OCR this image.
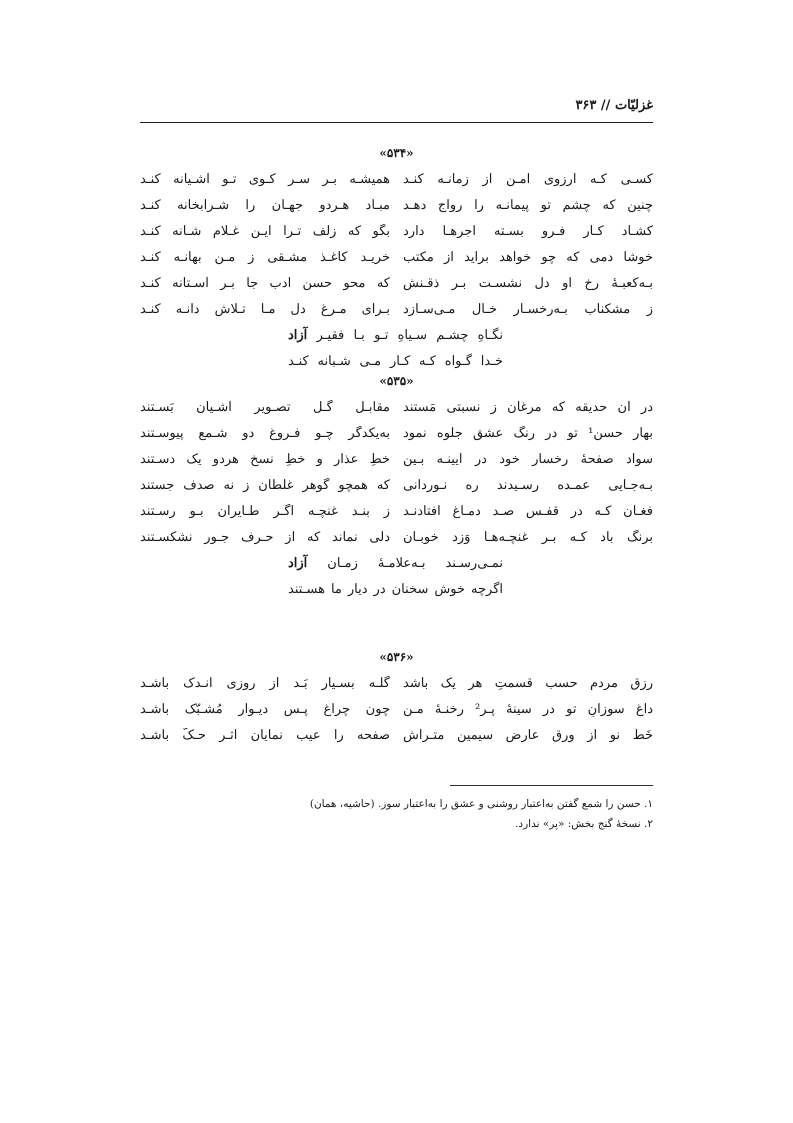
غزلیّات // ۳۶۳
«۵۳۴»
کسـی کـه آرزوی امـن از زمانـه کنـد
همیشـه بـر سـر کـوی تـو آشـیانه کنـد
چنین که چشم تو پیمانـه را رواج دهـد
مبـاد هـردو جهـان را شـرابخانه کنـد
کشـاد کـار فـرو بسـته اجرهـا دارد
بگو که زلف تـرا ایـن غـلام شـانه کنـد
خوشا دمی که چو خواهد برآید از مکتب
خریـد کاغـذ مشـقی ز مـن بهانـه کنـد
بـه‌کعبـهٔ رخ او دل نشسـت بـر ذقـنش
که محو حسن ادب جا بـر آسـتانه کنـد
ز مشکناب بـه‌رخسـار خـال مـی‌سـازد
بـرای مـرغ دل مـا تـلاش دانـه کنـد
نگـاهِ چشـم سـیاهِ تـو بـا فقیـر آزاد
خـدا گـواه کـه کـار مـی شـبانه کنـد
«۵۳۵»
در آن حدیقه که مرغان ز نسبتی مَستند
مقابـل گـل تصـویر آشـیان بَسـتند
بهار حسن¹ تو در رنگ عشق جلوه نمود
به‌یکدگر چـو فـروغ دو شـمع پیوسـتند
سواد صفحهٔ رخسار خود در آیینـه بـین
خطِ عذار و خطِ نسخ هردو یک دسـتند
بـه‌جـایی عمـده رسـیدند ره نـوردانی
که همچو گوهر غلطان ز نه صدف جستند
فغـان کـه در قفـس صـد دمـاغ افتادنـد
ز بنـد غنچـه اگـر طـایران بـو رسـتند
برنگ باد کـه بـر غنچـه‌هـا وَزد خوبـان
دلی نماند که از حـرف جـور نشکسـتند
نمـی‌رسـند بـه‌علامـهٔ زمـان آزاد
اگرچه خوش سخنان در دیار ما هسـتند
«۵۳۶»
رزق مردم حسب قسمتِ هر یک باشد
گلـه بسـیار بَـد از روزی انـدک باشـد
داغ سوزانِ تو در سینهٔ پـر² رخنـهٔ مـن
چون چراغ پـس دیـوار مُشـبّک باشـد
خَطِّ نو از ورق عارض سیمین متـراش
صفحه را عیب نمایان اثـر حـکّ باشـد
۱. حسن را شمع گفتن به‌اعتبار روشنی و عشق را به‌اعتبار سوز. (حاشیه، همان)
۲. نسخهٔ گنج بخش: «پر» ندارد.
